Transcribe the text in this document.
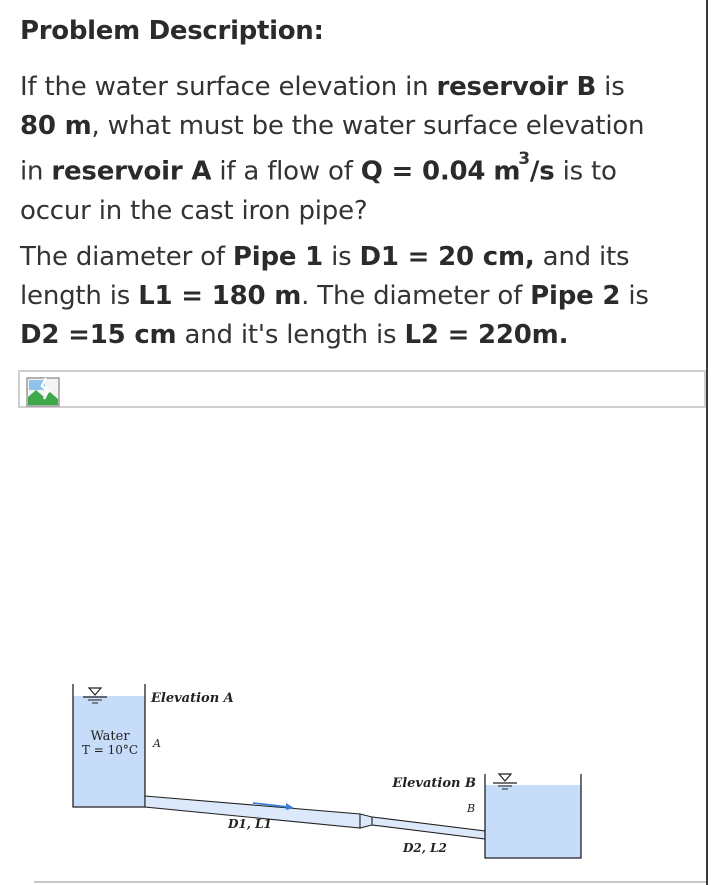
Problem Description:
If the water surface elevation in reservoir B is 80 m, what must be the water surface elevation in reservoir A if a flow of Q = 0.04 $m^3/s$ is to occur in the cast iron pipe?
The diameter of Pipe 1 is D1 = 20 cm, and its length is L1 = 180 m. The diameter of Pipe 2 is D2 =15 cm and it's length is L2 = 220m.
Elevation A
Water
T = 10°C A
D1, L1
D2, L2
Elevation B
B
